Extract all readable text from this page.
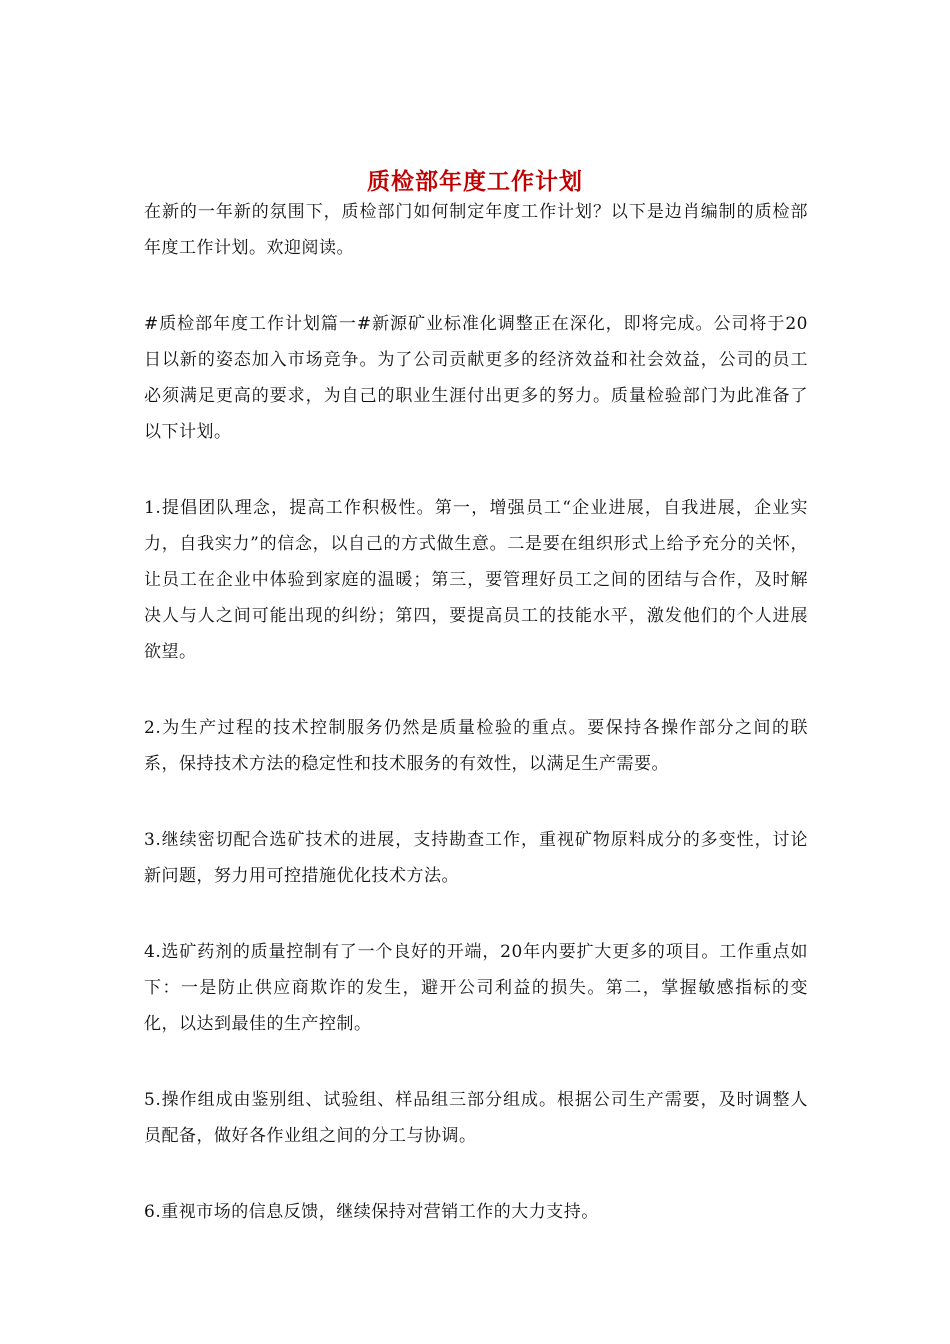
质检部年度工作计划

在新的一年新的氛围下，质检部门如何制定年度工作计划？以下是边肖编制的质检部年度工作计划。欢迎阅读。

#质检部年度工作计划篇一#新源矿业标准化调整正在深化，即将完成。公司将于20日以新的姿态加入市场竞争。为了公司贡献更多的经济效益和社会效益，公司的员工必须满足更高的要求，为自己的职业生涯付出更多的努力。质量检验部门为此准备了以下计划。

1.提倡团队理念，提高工作积极性。第一，增强员工“企业进展，自我进展，企业实力，自我实力”的信念，以自己的方式做生意。二是要在组织形式上给予充分的关怀，让员工在企业中体验到家庭的温暖；第三，要管理好员工之间的团结与合作，及时解决人与人之间可能出现的纠纷；第四，要提高员工的技能水平，激发他们的个人进展欲望。

2.为生产过程的技术控制服务仍然是质量检验的重点。要保持各操作部分之间的联系，保持技术方法的稳定性和技术服务的有效性，以满足生产需要。

3.继续密切配合选矿技术的进展，支持勘查工作，重视矿物原料成分的多变性，讨论新问题，努力用可控措施优化技术方法。

4.选矿药剂的质量控制有了一个良好的开端，20年内要扩大更多的项目。工作重点如下：一是防止供应商欺诈的发生，避开公司利益的损失。第二，掌握敏感指标的变化，以达到最佳的生产控制。

5.操作组成由鉴别组、试验组、样品组三部分组成。根据公司生产需要，及时调整人员配备，做好各作业组之间的分工与协调。

6.重视市场的信息反馈，继续保持对营销工作的大力支持。
